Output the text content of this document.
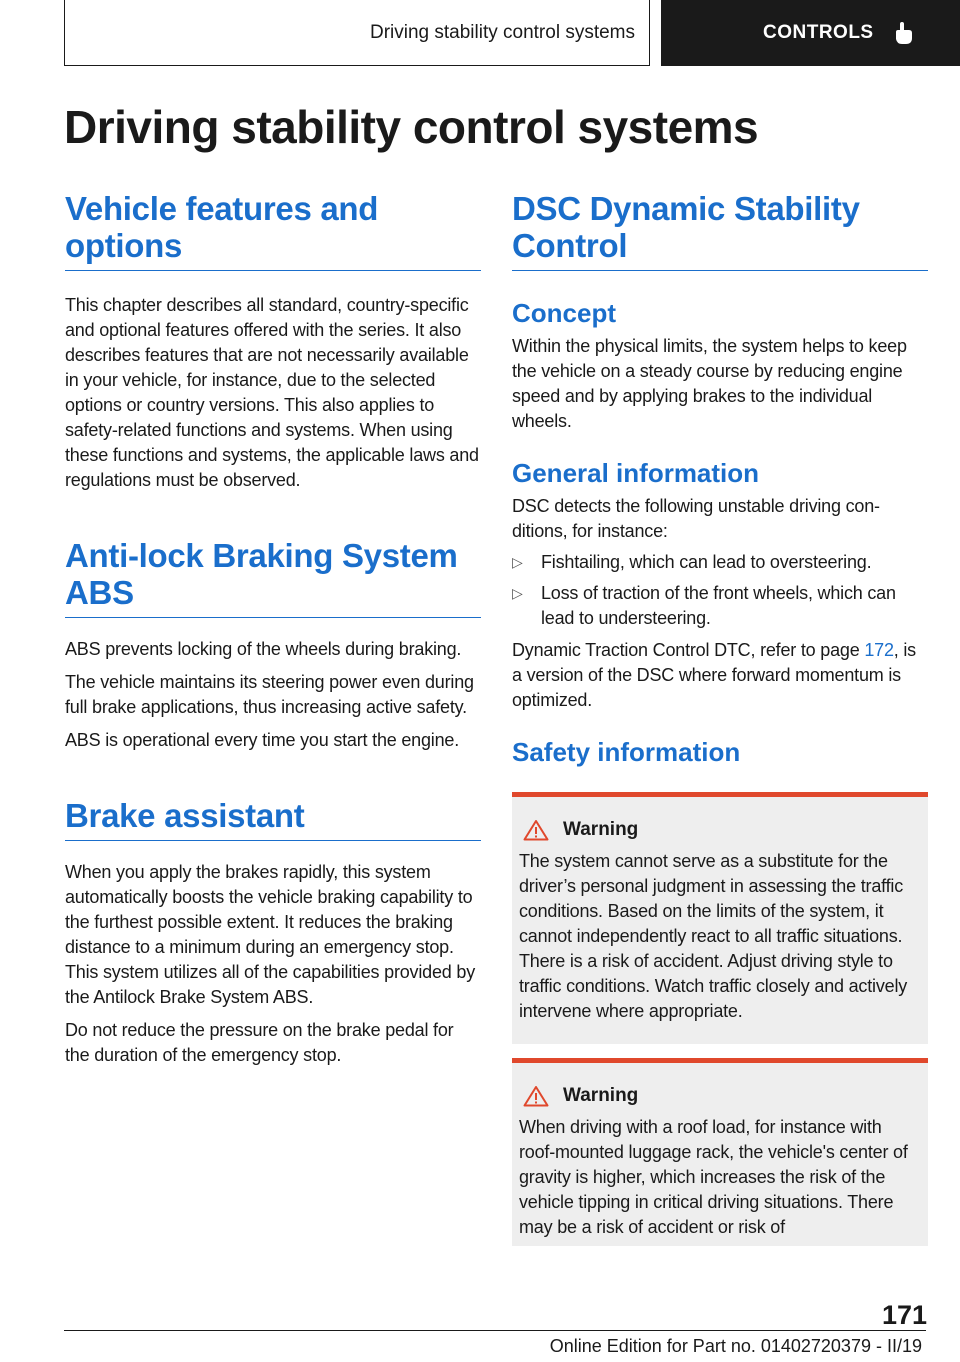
Driving stability control systems	CONTROLS
Driving stability control systems
Vehicle features and options

This chapter describes all standard, country-specific and optional features offered with the series. It also describes features that are not necessarily available in your vehicle, for instance, due to the selected options or country versions. This also applies to safety-related functions and systems. When using these functions and systems, the applicable laws and regulations must be observed.

Anti-lock Braking System ABS

ABS prevents locking of the wheels during braking.

The vehicle maintains its steering power even during full brake applications, thus increasing active safety.

ABS is operational every time you start the engine.

Brake assistant

When you apply the brakes rapidly, this system automatically boosts the vehicle braking capability to the furthest possible extent. It reduces the braking distance to a minimum during an emergency stop. This system utilizes all of the capabilities provided by the Antilock Brake System ABS.

Do not reduce the pressure on the brake pedal for the duration of the emergency stop.

DSC Dynamic Stability Control
Concept

Within the physical limits, the system helps to keep the vehicle on a steady course by reducing engine speed and by applying brakes to the individual wheels.

General information

DSC detects the following unstable driving conditions, for instance:

▷ Fishtailing, which can lead to oversteering.
▷ Loss of traction of the front wheels, which can lead to understeering.

Dynamic Traction Control DTC, refer to page 172, is a version of the DSC where forward momentum is optimized.

Safety information
Warning

The system cannot serve as a substitute for the driver’s personal judgment in assessing the traffic conditions. Based on the limits of the system, it cannot independently react to all traffic situations. There is a risk of accident. Adjust driving style to traffic conditions. Watch traffic closely and actively intervene where appropriate.

Warning

When driving with a roof load, for instance with roof-mounted luggage rack, the vehicle's center of gravity is higher, which increases the risk of the vehicle tipping in critical driving situations. There may be a risk of accident or risk of

171
Online Edition for Part no. 01402720379 - II/19
